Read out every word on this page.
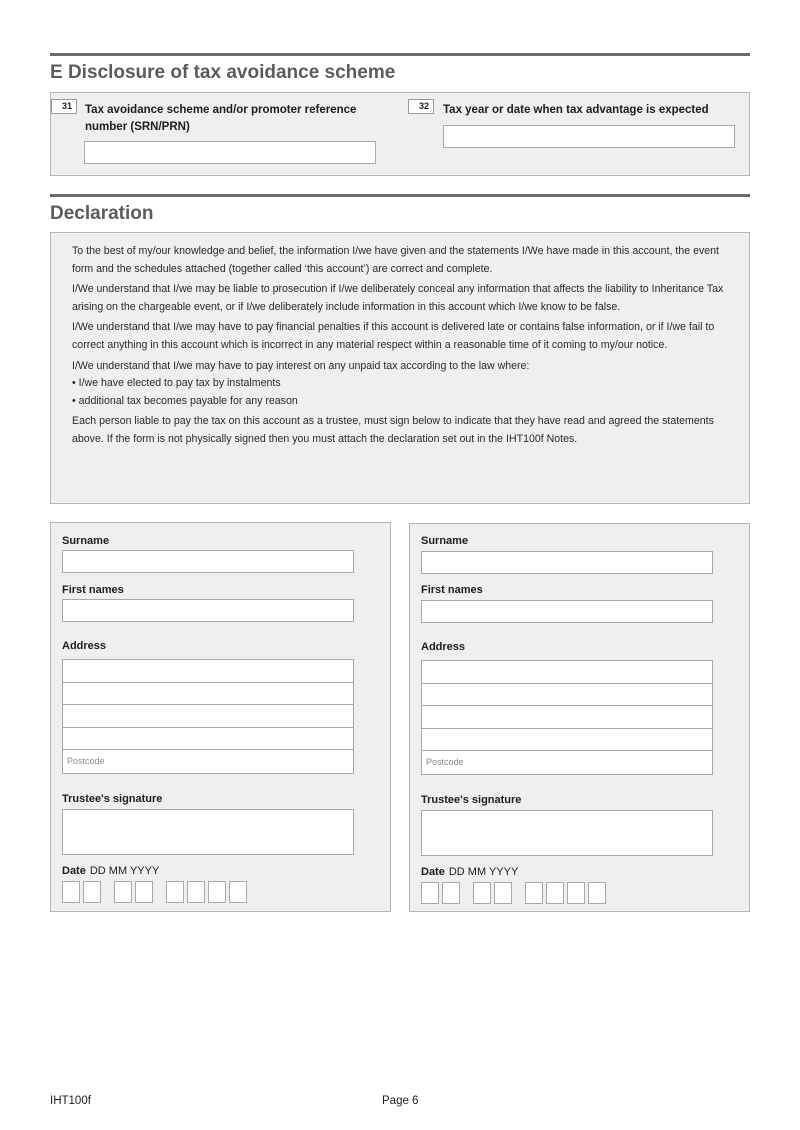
E Disclosure of tax avoidance scheme
31	Tax avoidance scheme and/or promoter reference number (SRN/PRN)
32	Tax year or date when tax advantage is expected
Declaration

To the best of my/our knowledge and belief, the information I/we have given and the statements I/We have made in this account, the event form and the schedules attached (together called ‘this account’) are correct and complete.

I/We understand that I/we may be liable to prosecution if I/we deliberately conceal any information that affects the liability to Inheritance Tax arising on the chargeable event, or if I/we deliberately include information in this account which I/we know to be false.

I/We understand that I/we may have to pay financial penalties if this account is delivered late or contains false information, or if I/we fail to correct anything in this account which is incorrect in any material respect within a reasonable time of it coming to my/our notice.

I/We understand that I/we may have to pay interest on any unpaid tax according to the law where:

• I/we have elected to pay tax by instalments
• additional tax becomes payable for any reason

Each person liable to pay the tax on this account as a trustee, must sign below to indicate that they have read and agreed the statements above. If the form is not physically signed then you must attach the declaration set out in the IHT100f Notes.

Surname
First names
Address
Postcode
Trustee's signature
Date DD MM YYYY
Surname
First names
Address
Postcode
Trustee's signature
Date DD MM YYYY
IHT100f	Page 6
